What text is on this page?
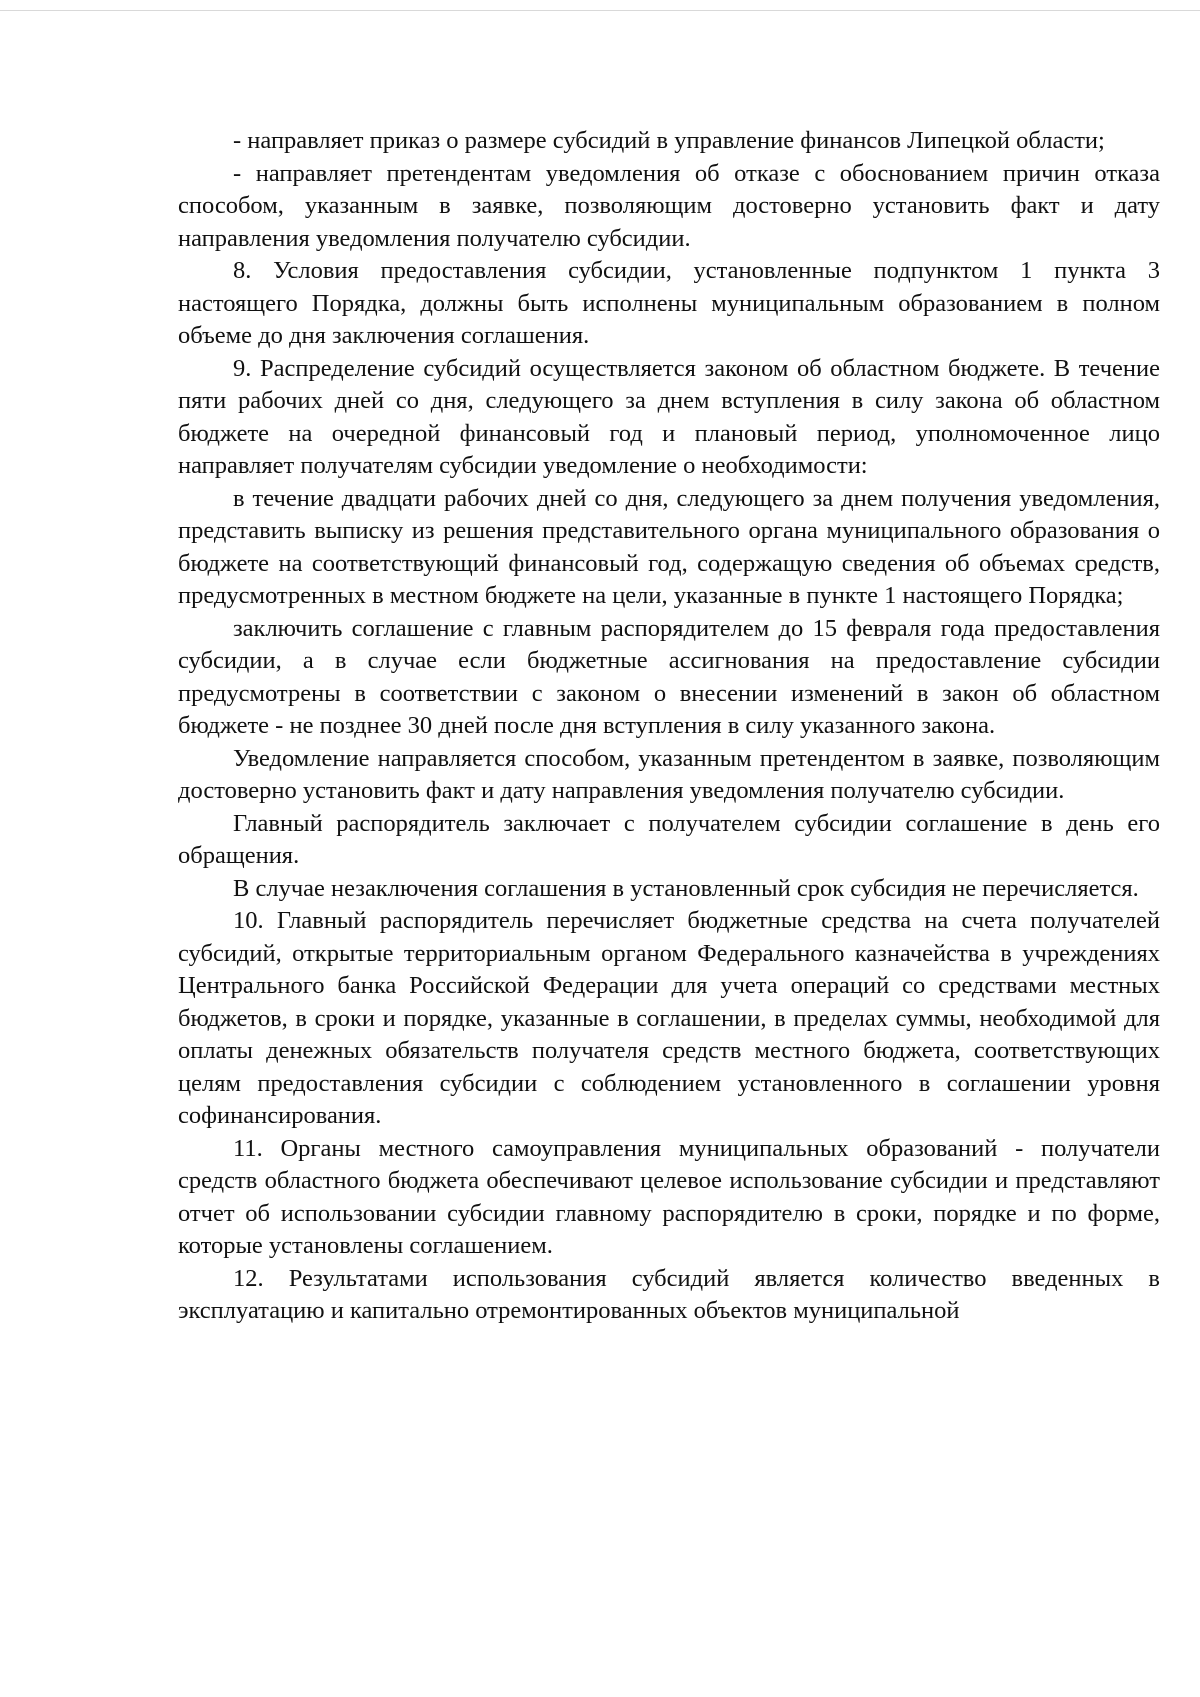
- направляет приказ о размере субсидий в управление финансов Липецкой области;

- направляет претендентам уведомления об отказе с обоснованием причин отказа способом, указанным в заявке, позволяющим достоверно установить факт и дату направления уведомления получателю субсидии.

8. Условия предоставления субсидии, установленные подпунктом 1 пункта 3 настоящего Порядка, должны быть исполнены муниципальным образованием в полном объеме до дня заключения соглашения.

9. Распределение субсидий осуществляется законом об областном бюджете. В течение пяти рабочих дней со дня, следующего за днем вступления в силу закона об областном бюджете на очередной финансовый год и плановый период, уполномоченное лицо направляет получателям субсидии уведомление о необходимости:

в течение двадцати рабочих дней со дня, следующего за днем получения уведомления, представить выписку из решения представительного органа муниципального образования о бюджете на соответствующий финансовый год, содержащую сведения об объемах средств, предусмотренных в местном бюджете на цели, указанные в пункте 1 настоящего Порядка;

заключить соглашение с главным распорядителем до 15 февраля года предоставления субсидии, а в случае если бюджетные ассигнования на предоставление субсидии предусмотрены в соответствии с законом о внесении изменений в закон об областном бюджете - не позднее 30 дней после дня вступления в силу указанного закона.

Уведомление направляется способом, указанным претендентом в заявке, позволяющим достоверно установить факт и дату направления уведомления получателю субсидии.

Главный распорядитель заключает с получателем субсидии соглашение в день его обращения.

В случае незаключения соглашения в установленный срок субсидия не перечисляется.

10. Главный распорядитель перечисляет бюджетные средства на счета получателей субсидий, открытые территориальным органом Федерального казначейства в учреждениях Центрального банка Российской Федерации для учета операций со средствами местных бюджетов, в сроки и порядке, указанные в соглашении, в пределах суммы, необходимой для оплаты денежных обязательств получателя средств местного бюджета, соответствующих целям предоставления субсидии с соблюдением установленного в соглашении уровня софинансирования.

11. Органы местного самоуправления муниципальных образований - получатели средств областного бюджета обеспечивают целевое использование субсидии и представляют отчет об использовании субсидии главному распорядителю в сроки, порядке и по форме, которые установлены соглашением.

12. Результатами использования субсидий является количество введенных в эксплуатацию и капитально отремонтированных объектов муниципальной
